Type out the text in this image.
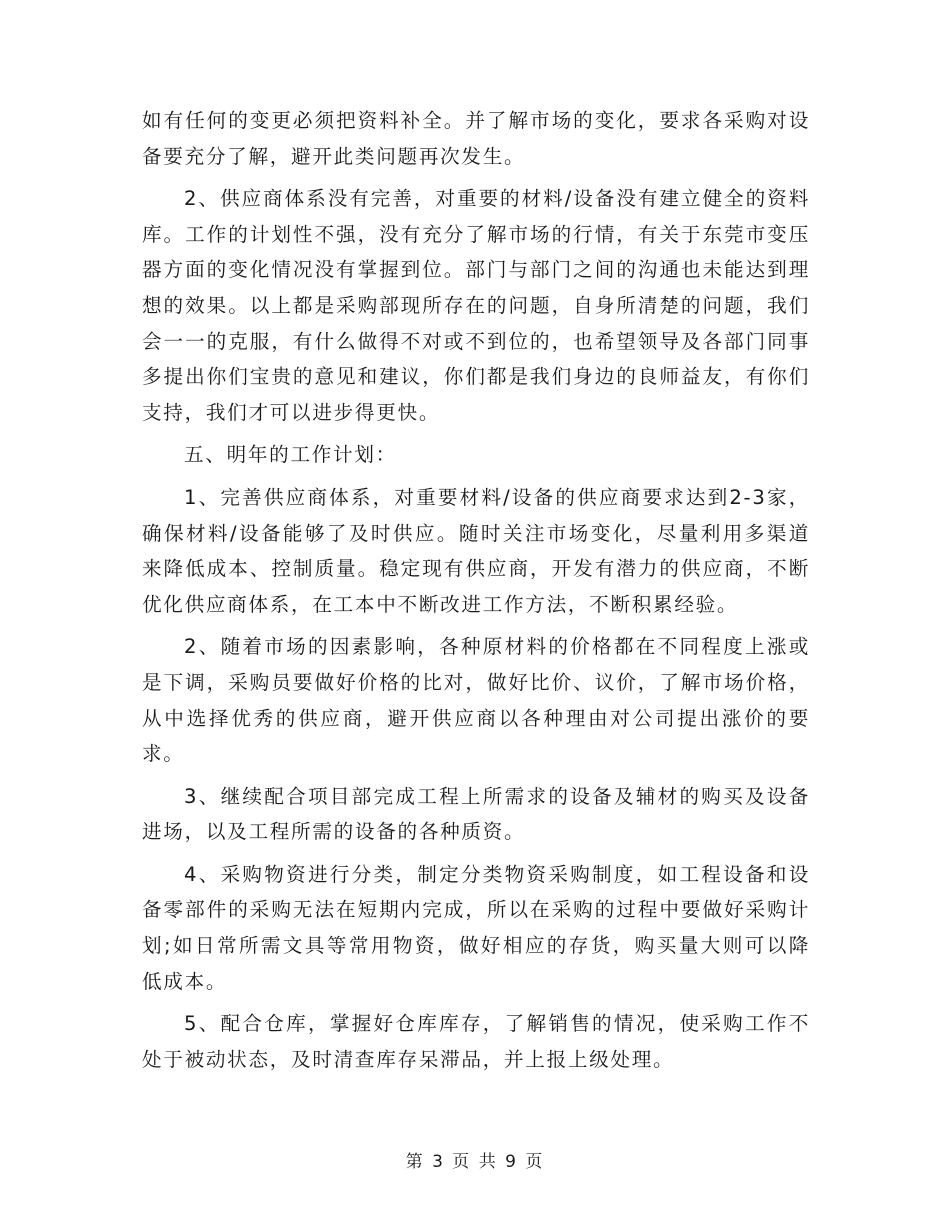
如有任何的变更必须把资料补全。并了解市场的变化，要求各采购对设备要充分了解，避开此类问题再次发生。

2、供应商体系没有完善，对重要的材料/设备没有建立健全的资料库。工作的计划性不强，没有充分了解市场的行情，有关于东莞市变压器方面的变化情况没有掌握到位。部门与部门之间的沟通也未能达到理想的效果。以上都是采购部现所存在的问题，自身所清楚的问题，我们会一一的克服，有什么做得不对或不到位的，也希望领导及各部门同事多提出你们宝贵的意见和建议，你们都是我们身边的良师益友，有你们支持，我们才可以进步得更快。

五、明年的工作计划：

1、完善供应商体系，对重要材料/设备的供应商要求达到2-3家，确保材料/设备能够了及时供应。随时关注市场变化，尽量利用多渠道来降低成本、控制质量。稳定现有供应商，开发有潜力的供应商，不断优化供应商体系，在工本中不断改进工作方法，不断积累经验。

2、随着市场的因素影响，各种原材料的价格都在不同程度上涨或是下调，采购员要做好价格的比对，做好比价、议价，了解市场价格，从中选择优秀的供应商，避开供应商以各种理由对公司提出涨价的要求。

3、继续配合项目部完成工程上所需求的设备及辅材的购买及设备进场，以及工程所需的设备的各种质资。

4、采购物资进行分类，制定分类物资采购制度，如工程设备和设备零部件的采购无法在短期内完成，所以在采购的过程中要做好采购计划;如日常所需文具等常用物资，做好相应的存货，购买量大则可以降低成本。

5、配合仓库，掌握好仓库库存，了解销售的情况，使采购工作不处于被动状态，及时清查库存呆滞品，并上报上级处理。

第 3 页 共 9 页
